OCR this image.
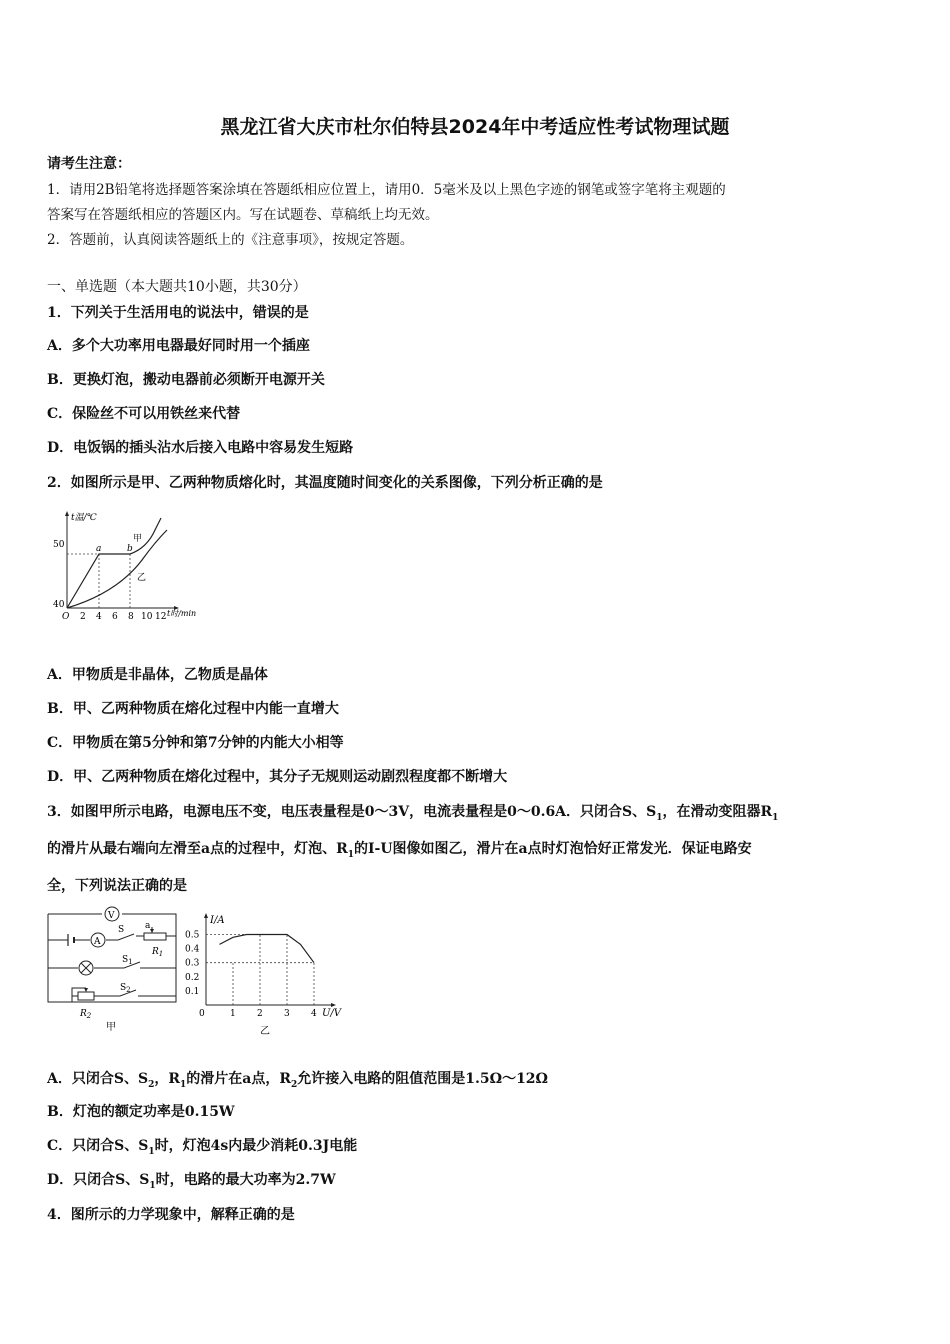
黑龙江省大庆市杜尔伯特县2024年中考适应性考试物理试题
请考生注意：
1．请用2B铅笔将选择题答案涂填在答题纸相应位置上，请用0．5毫米及以上黑色字迹的钢笔或签字笔将主观题的
答案写在答题纸相应的答题区内。写在试题卷、草稿纸上均无效。
2．答题前，认真阅读答题纸上的《注意事项》，按规定答题。
一、单选题（本大题共10小题，共30分）
1．下列关于生活用电的说法中，错误的是
A．多个大功率用电器最好同时用一个插座
B．更换灯泡，搬动电器前必须断开电源开关
C．保险丝不可以用铁丝来代替
D．电饭锅的插头沾水后接入电路中容易发生短路
2．如图所示是甲、乙两种物质熔化时，其温度随时间变化的关系图像，下列分析正确的是
t温/℃
t时/min
50
40
O 2 4 6 8 10 12
a	b
甲
乙
A．甲物质是非晶体，乙物质是晶体
B．甲、乙两种物质在熔化过程中内能一直增大
C．甲物质在第5分钟和第7分钟的内能大小相等
D．甲、乙两种物质在熔化过程中，其分子无规则运动剧烈程度都不断增大
3．如图甲所示电路，电源电压不变，电压表量程是0～3V，电流表量程是0～0.6A．只闭合S、$S_1$，在滑动变阻器$R_1$
的滑片从最右端向左滑至a点的过程中，灯泡、$R_1$的I-U图像如图乙，滑片在a点时灯泡恰好正常发光．保证电路安
全，下列说法正确的是
V
A
S a
$R_1$
$S_1$
$S_2$
$R_2$
甲
I/A
U/V
0	1 2 3 4
0.5
0.4
0.3
0.2
0.1
乙
A．只闭合S、$S_2$，$R_1$的滑片在a点，$R_2$允许接入电路的阻值范围是1.5Ω～12Ω
B．灯泡的额定功率是0.15W
C．只闭合S、$S_1$时，灯泡4s内最少消耗0.3J电能
D．只闭合S、$S_1$时，电路的最大功率为2.7W
4．图所示的力学现象中，解释正确的是
